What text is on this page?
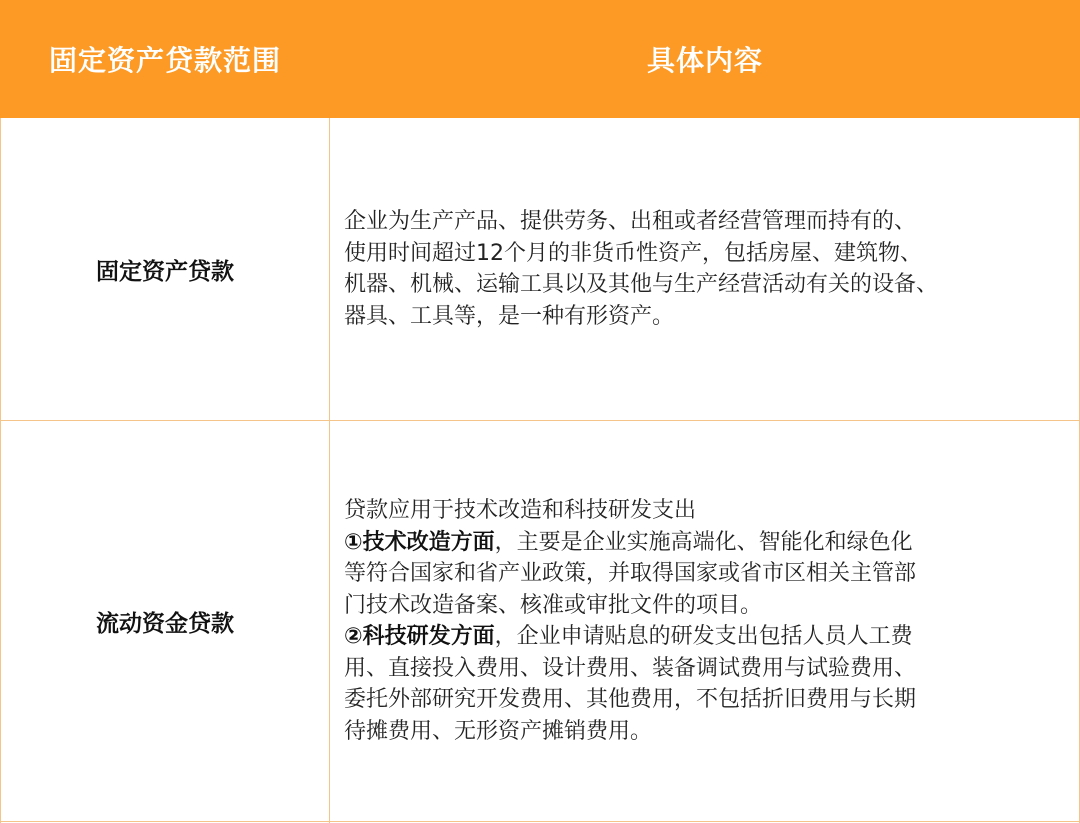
固定资产贷款范围	具体内容
固定资产贷款
企业为生产产品、提供劳务、出租或者经营管理而持有的、
使用时间超过12个月的非货币性资产，包括房屋、建筑物、
机器、机械、运输工具以及其他与生产经营活动有关的设备、
器具、工具等，是一种有形资产。
流动资金贷款
贷款应用于技术改造和科技研发支出
①技术改造方面，主要是企业实施高端化、智能化和绿色化
等符合国家和省产业政策，并取得国家或省市区相关主管部
门技术改造备案、核准或审批文件的项目。
②科技研发方面，企业申请贴息的研发支出包括人员人工费
用、直接投入费用、设计费用、装备调试费用与试验费用、
委托外部研究开发费用、其他费用，不包括折旧费用与长期
待摊费用、无形资产摊销费用。
